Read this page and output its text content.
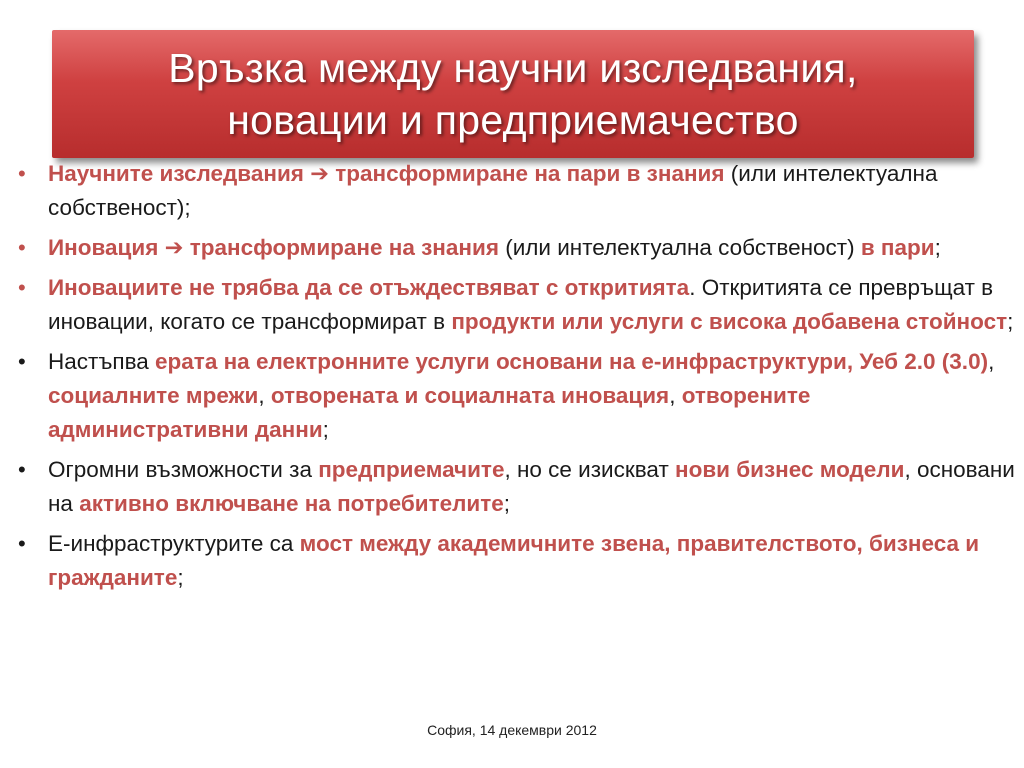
Връзка между научни изследвания,
новации и предприемачество
• Научните изследвания ➔ трансформиране на пари в знания (или интелектуална собственост);
• Иновация ➔ трансформиране на знания (или интелектуална собственост) в пари;
• Иновациите не трябва да се отъждествяват с откритията. Откритията се превръщат в иновации, когато се трансформират в продукти или услуги с висока добавена стойност;
• Настъпва ерата на електронните услуги основани на е-инфраструктури, Уеб 2.0 (3.0), социалните мрежи, отворената и социалната иновация, отворените административни данни;
• Огромни възможности за предприемачите, но се изискват нови бизнес модели, основани на активно включване на потребителите;
• Е-инфраструктурите са мост между академичните звена, правителството, бизнеса и гражданите;
София, 14 декември 2012
